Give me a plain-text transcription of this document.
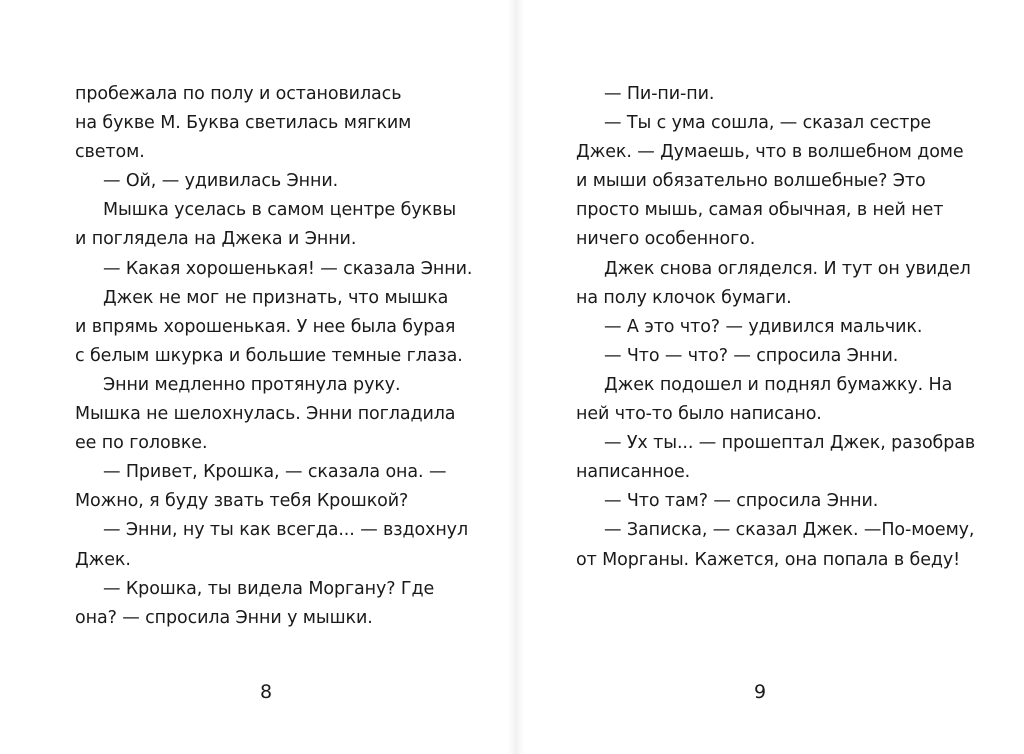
пробежала по полу и остановилась
на букве М. Буква светилась мягким
светом.
— Ой, — удивилась Энни.
Мышка уселась в самом центре буквы
и поглядела на Джека и Энни.
— Какая хорошенькая! — сказала Энни.
Джек не мог не признать, что мышка
и впрямь хорошенькая. У нее была бурая
с белым шкурка и большие темные глаза.
Энни медленно протянула руку.
Мышка не шелохнулась. Энни погладила
ее по головке.
— Привет, Крошка, — сказала она. —
Можно, я буду звать тебя Крошкой?
— Энни, ну ты как всегда... — вздохнул
Джек.
— Крошка, ты видела Моргану? Где
она? — спросила Энни у мышки.
— Пи-пи-пи.
— Ты с ума сошла, — сказал сестре
Джек. — Думаешь, что в волшебном доме
и мыши обязательно волшебные? Это
просто мышь, самая обычная, в ней нет
ничего особенного.
Джек снова огляделся. И тут он увидел
на полу клочок бумаги.
— А это что? — удивился мальчик.
— Что — что? — спросила Энни.
Джек подошел и поднял бумажку. На
ней что-то было написано.
— Ух ты... — прошептал Джек, разобрав
написанное.
— Что там? — спросила Энни.
— Записка, — сказал Джек. —По-моему,
от Морганы. Кажется, она попала в беду!
8	9
